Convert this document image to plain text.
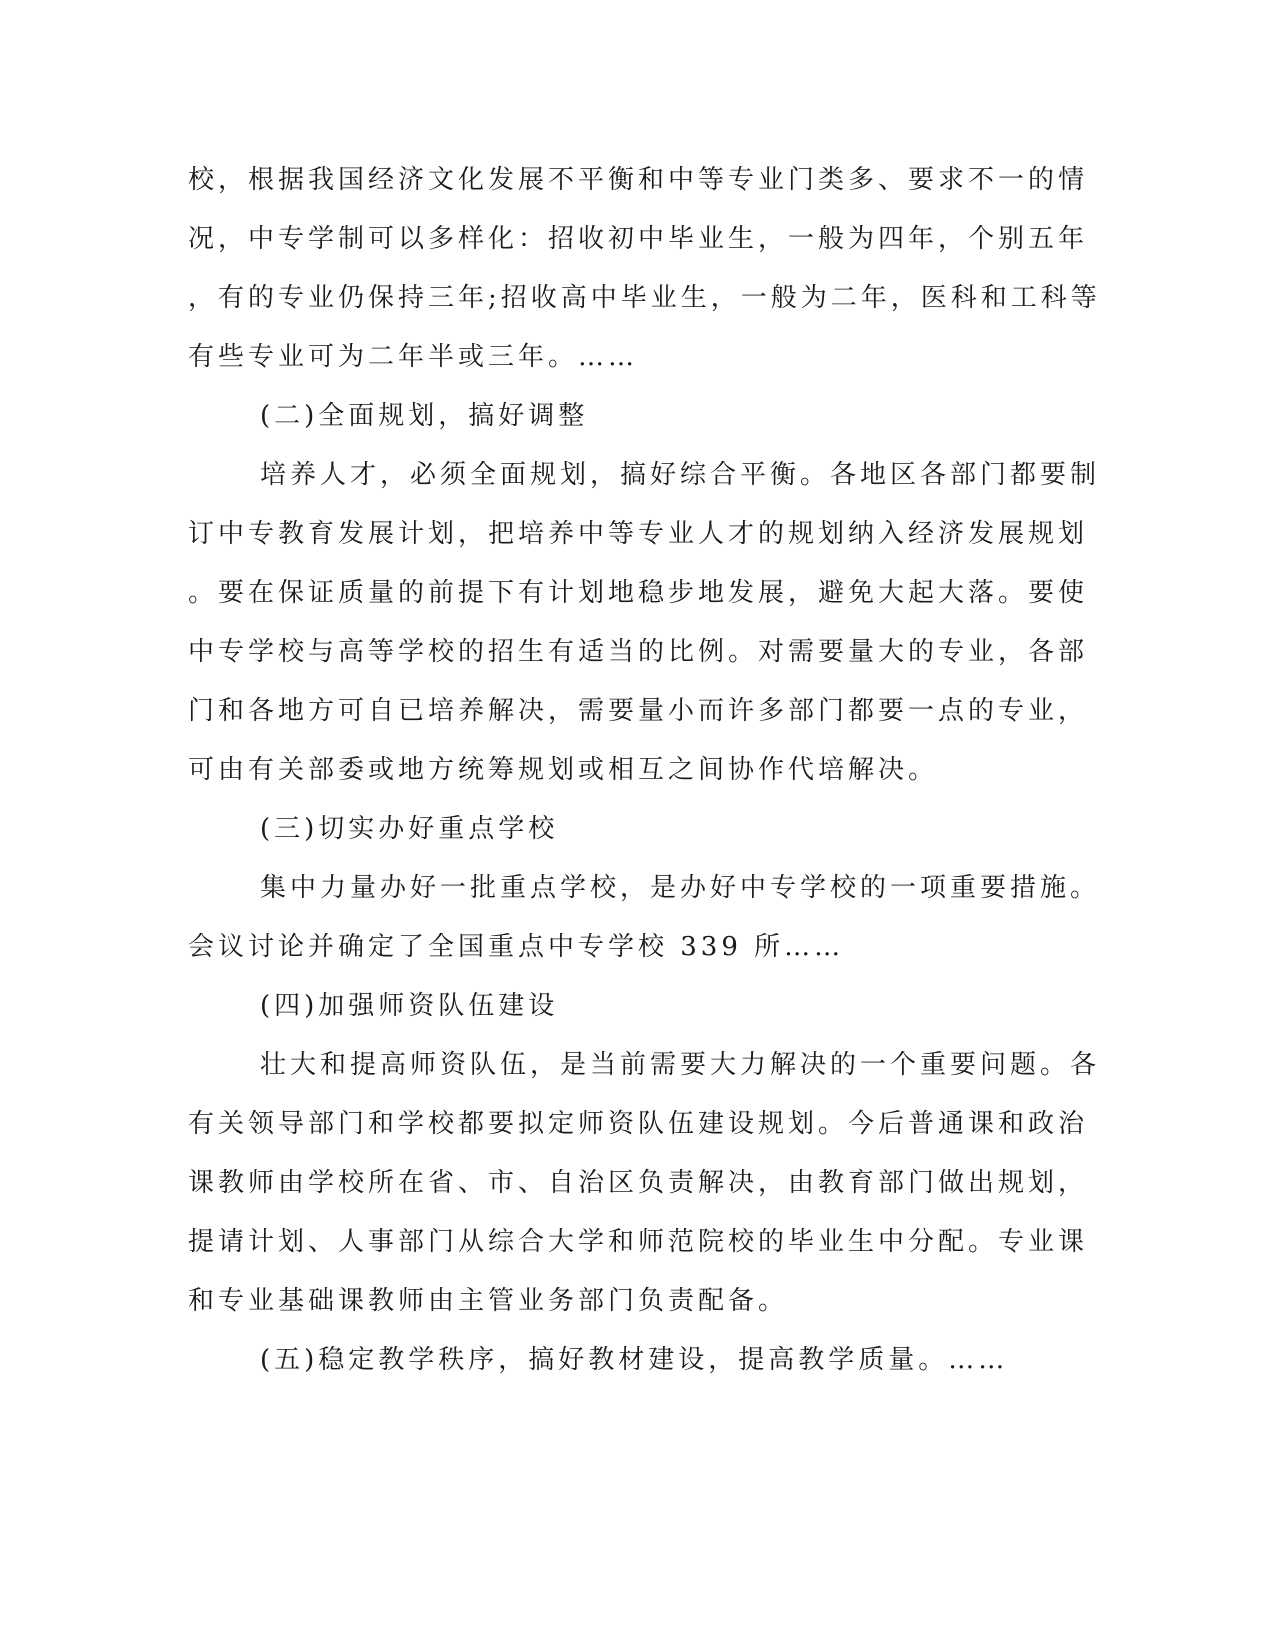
校，根据我国经济文化发展不平衡和中等专业门类多、要求不一的情
况，中专学制可以多样化：招收初中毕业生，一般为四年，个别五年
，有的专业仍保持三年;招收高中毕业生，一般为二年，医科和工科等
有些专业可为二年半或三年。……
(二)全面规划，搞好调整
培养人才，必须全面规划，搞好综合平衡。各地区各部门都要制
订中专教育发展计划，把培养中等专业人才的规划纳入经济发展规划
。要在保证质量的前提下有计划地稳步地发展，避免大起大落。要使
中专学校与高等学校的招生有适当的比例。对需要量大的专业，各部
门和各地方可自已培养解决，需要量小而许多部门都要一点的专业，
可由有关部委或地方统筹规划或相互之间协作代培解决。
(三)切实办好重点学校
集中力量办好一批重点学校，是办好中专学校的一项重要措施。
会议讨论并确定了全国重点中专学校 339 所……
(四)加强师资队伍建设
壮大和提高师资队伍，是当前需要大力解决的一个重要问题。各
有关领导部门和学校都要拟定师资队伍建设规划。今后普通课和政治
课教师由学校所在省、市、自治区负责解决，由教育部门做出规划，
提请计划、人事部门从综合大学和师范院校的毕业生中分配。专业课
和专业基础课教师由主管业务部门负责配备。
(五)稳定教学秩序，搞好教材建设，提高教学质量。……
